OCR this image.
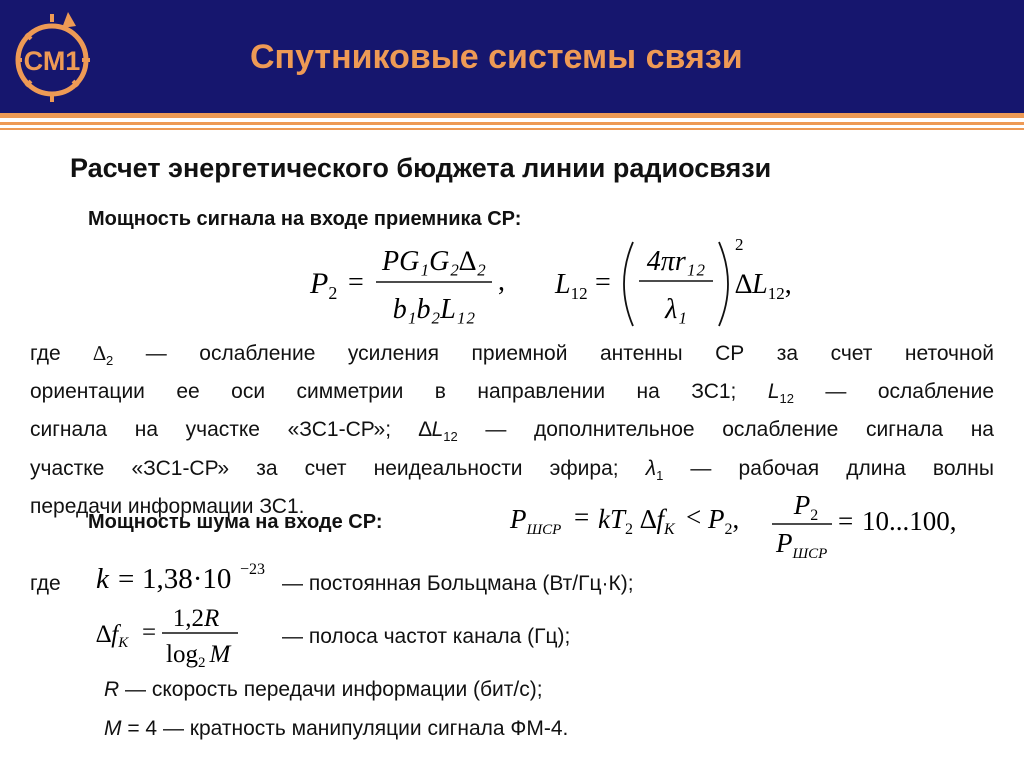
СМ1	Спутниковые системы связи
Расчет энергетического бюджета линии радиосвязи
Мощность сигнала на входе приемника СР:
$P_2$ =
PG₁G₂∆₂
b₁b₂L₁₂
, $L_{12}$ =
4πr₁₂
λ₁
2
$\Delta L_{12}$,
где $\Delta_2$ — ослабление усиления приемной антенны СР за счет неточной
ориентации ее оси симметрии в направлении на ЗС1; $L_{12}$ — ослабление
сигнала на участке «ЗС1-СР»; $\Delta L_{12}$ — дополнительное ослабление сигнала на
участке «ЗС1-СР» за счет неидеальности эфира; $\lambda_1$ — рабочая длина волны
передачи информации ЗС1.
Мощность шума на входе СР:	$P_{ШСР} = kT_2$ $\Delta f_K < P_2$, $P_2$
$P_{ШСР}$
= 10...100,
где k = 1,38·10 −23
— постоянная Больцмана (Вт/Гц·К);
$\Delta f_K$ =
1,2R
$\log_2 M$
— полоса частот канала (Гц);
R — скорость передачи информации (бит/с);
M = 4 — кратность манипуляции сигнала ФМ-4.
